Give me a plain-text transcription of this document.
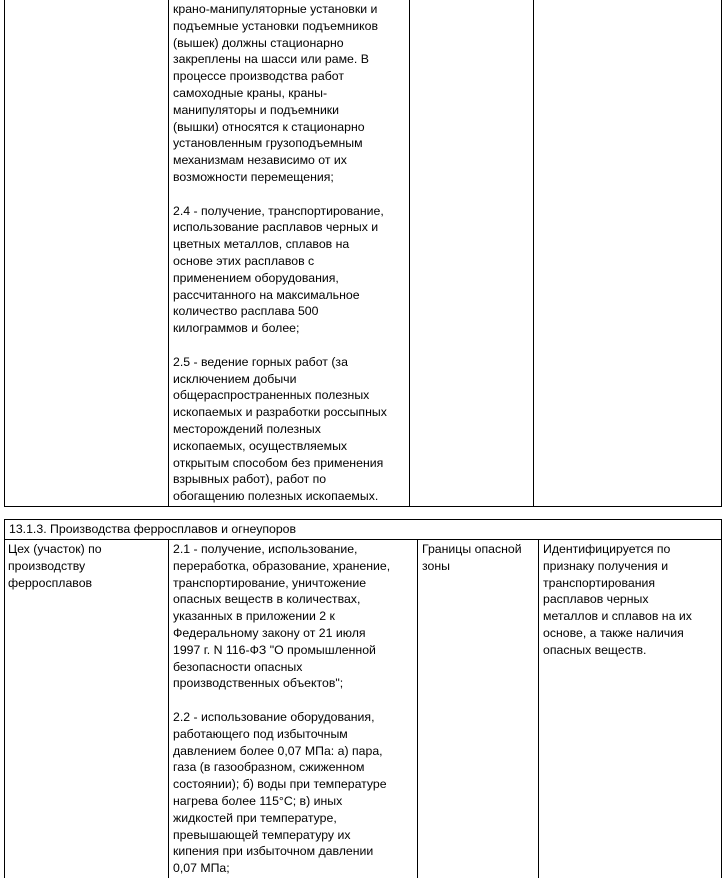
крано-манипуляторные установки и

подъемные установки подъемников

(вышек) должны стационарно

закреплены на шасси или раме. В

процессе производства работ

самоходные краны, краны-

манипуляторы и подъемники

(вышки) относятся к стационарно

установленным грузоподъемным

механизмам независимо от их

возможности перемещения;

2.4 - получение, транспортирование,

использование расплавов черных и

цветных металлов, сплавов на

основе этих расплавов с

применением оборудования,

рассчитанного на максимальное

количество расплава 500

килограммов и более;

2.5 - ведение горных работ (за

исключением добычи

общераспространенных полезных

ископаемых и разработки россыпных

месторождений полезных

ископаемых, осуществляемых

открытым способом без применения

взрывных работ), работ по

обогащению полезных ископаемых.

13.1.3. Производства ферросплавов и огнеупоров

Цех (участок) по

производству

ферросплавов

2.1 - получение, использование,

переработка, образование, хранение,

транспортирование, уничтожение

опасных веществ в количествах,

указанных в приложении 2 к

Федеральному закону от 21 июля

1997 г. N 116-ФЗ "О промышленной

безопасности опасных

производственных объектов";

2.2 - использование оборудования,

работающего под избыточным

давлением более 0,07 МПа: а) пара,

газа (в газообразном, сжиженном

состоянии); б) воды при температуре

нагрева более 115°С; в) иных

жидкостей при температуре,

превышающей температуру их

кипения при избыточном давлении

0,07 МПа;

Границы опасной

зоны

Идентифицируется по

признаку получения и

транспортирования

расплавов черных

металлов и сплавов на их

основе, а также наличия

опасных веществ.
